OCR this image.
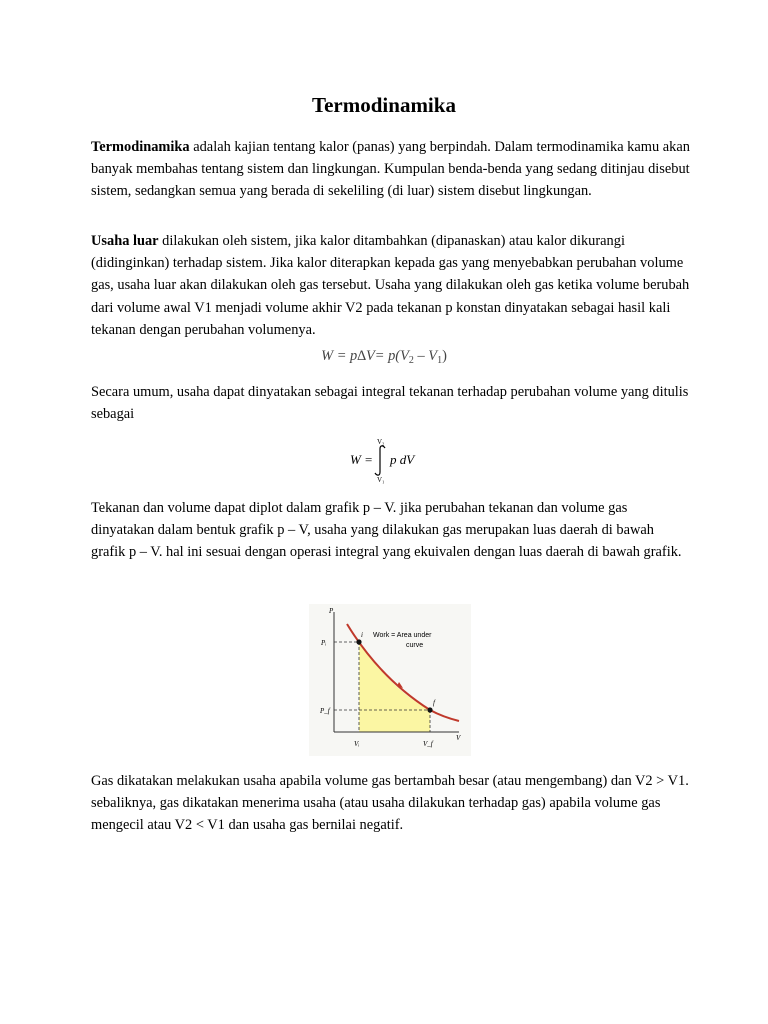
Termodinamika

Termodinamika adalah kajian tentang kalor (panas) yang berpindah. Dalam termodinamika kamu akan banyak membahas tentang sistem dan lingkungan. Kumpulan benda-benda yang sedang ditinjau disebut sistem, sedangkan semua yang berada di sekeliling (di luar) sistem disebut lingkungan.

Usaha luar dilakukan oleh sistem, jika kalor ditambahkan (dipanaskan) atau kalor dikurangi (didinginkan) terhadap sistem. Jika kalor diterapkan kepada gas yang menyebabkan perubahan volume gas, usaha luar akan dilakukan oleh gas tersebut. Usaha yang dilakukan oleh gas ketika volume berubah dari volume awal V1 menjadi volume akhir V2 pada tekanan p konstan dinyatakan sebagai hasil kali tekanan dengan perubahan volumenya.

$W = p\Delta V= p(V_2 - V_1)$

Secara umum, usaha dapat dinyatakan sebagai integral tekanan terhadap perubahan volume yang ditulis sebagai

W =
V₂
V₁
p dV

Tekanan dan volume dapat diplot dalam grafik p – V. jika perubahan tekanan dan volume gas dinyatakan dalam bentuk grafik p – V, usaha yang dilakukan gas merupakan luas daerah di bawah grafik p – V. hal ini sesuai dengan operasi integral yang ekuivalen dengan luas daerah di bawah grafik.

P
V
Pᵢ
P_f
Vᵢ	V_f
i
f
Work = Area under
curve

Gas dikatakan melakukan usaha apabila volume gas bertambah besar (atau mengembang) dan V2 > V1. sebaliknya, gas dikatakan menerima usaha (atau usaha dilakukan terhadap gas) apabila volume gas mengecil atau V2 < V1 dan usaha gas bernilai negatif.
